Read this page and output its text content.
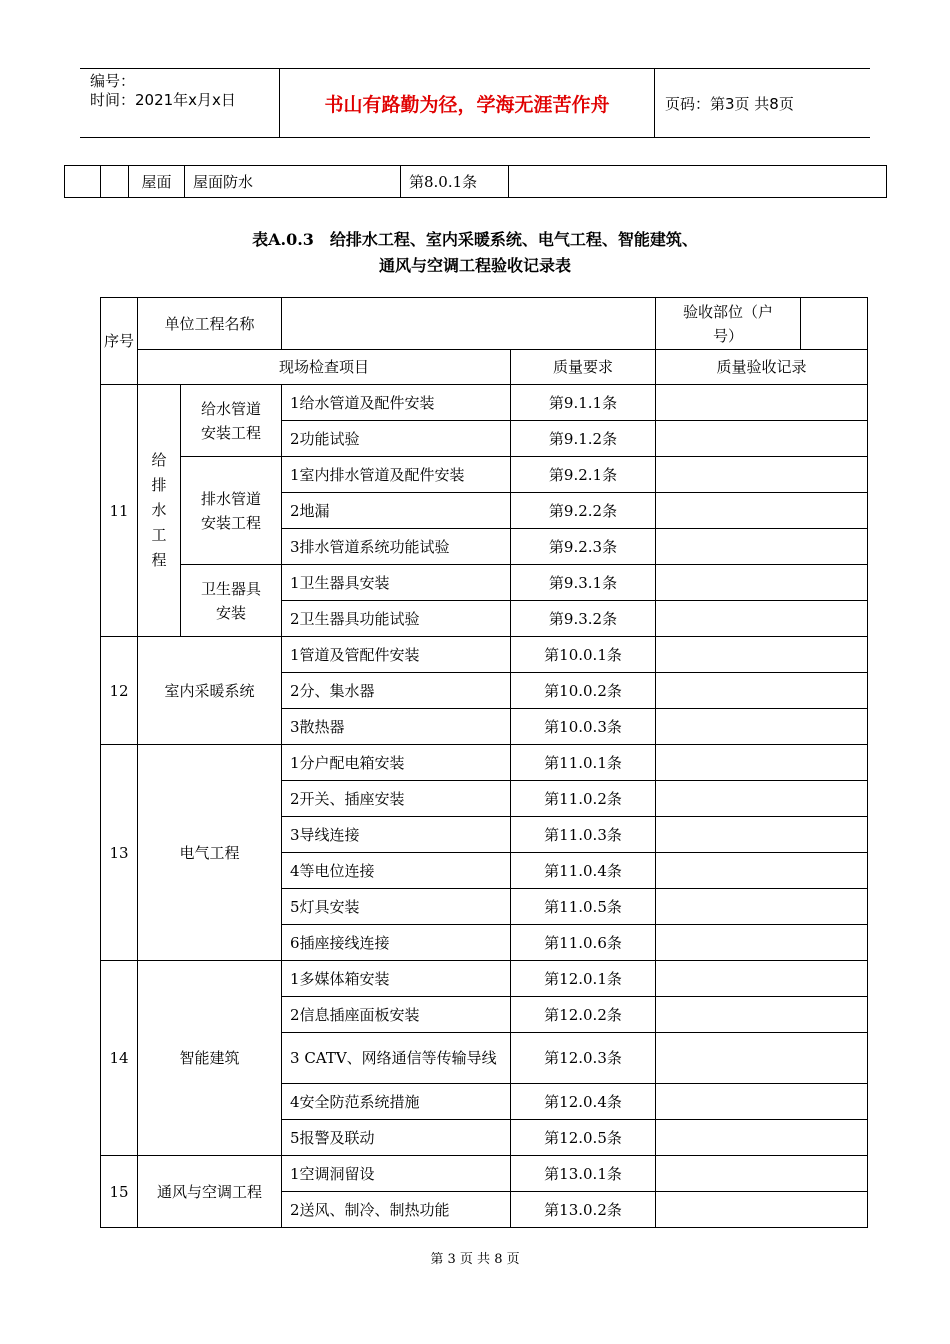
编号：
时间：2021年x月x日	书山有路勤为径，学海无涯苦作舟	页码：第3页 共8页
		屋面	屋面防水	第8.0.1条	
表A.0.3　给排水工程、室内采暖系统、电气工程、智能建筑、
通风与空调工程验收记录表
序号	单位工程名称				验收部位（户号）	
	现场检查项目			质量要求	质量验收记录	
11	给排水工程	给水管道安装工程	1给水管道及配件安装	第9.1.1条		
			2功能试验	第9.1.2条		
		排水管道安装工程	1室内排水管道及配件安装	第9.2.1条		
			2地漏	第9.2.2条		
			3排水管道系统功能试验	第9.2.3条		
		卫生器具安装	1卫生器具安装	第9.3.1条		
			2卫生器具功能试验	第9.3.2条		
12	室内采暖系统		1管道及管配件安装	第10.0.1条		
			2分、集水器	第10.0.2条		
			3散热器	第10.0.3条		
13	电气工程		1分户配电箱安装	第11.0.1条		
			2开关、插座安装	第11.0.2条		
			3导线连接	第11.0.3条		
			4等电位连接	第11.0.4条		
			5灯具安装	第11.0.5条		
			6插座接线连接	第11.0.6条		
14	智能建筑		1多媒体箱安装	第12.0.1条		
			2信息插座面板安装	第12.0.2条		
			3 CATV、网络通信等传输导线	第12.0.3条		
			4安全防范系统措施	第12.0.4条		
			5报警及联动	第12.0.5条		
15	通风与空调工程		1空调洞留设	第13.0.1条		
			2送风、制冷、制热功能	第13.0.2条		
第 3 页 共 8 页
